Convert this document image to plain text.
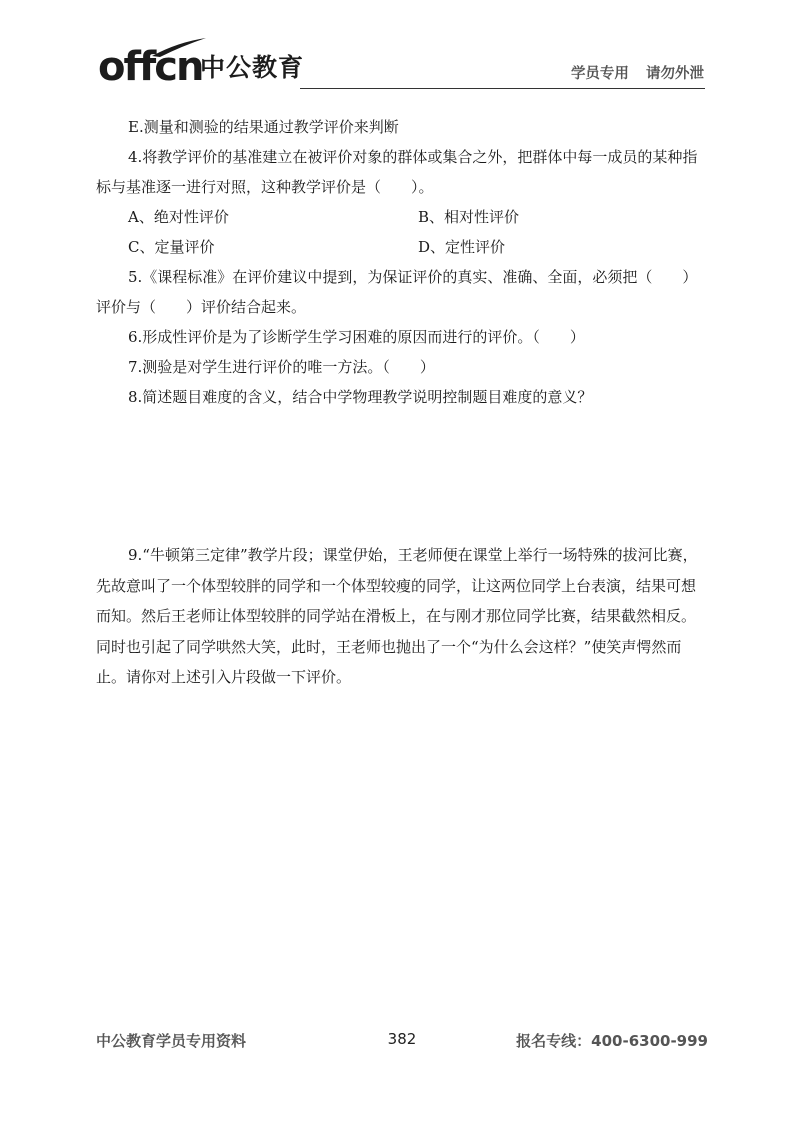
offcn
中公教育	学员专用 请勿外泄

E.测量和测验的结果通过教学评价来判断

4.将教学评价的基准建立在被评价对象的群体或集合之外，把群体中每一成员的某种指标与基准逐一进行对照，这种教学评价是（　　）。

A、绝对性评价	B、相对性评价
C、定量评价	D、定性评价

5.《课程标准》在评价建议中提到，为保证评价的真实、准确、全面，必须把（　　）评价与（　　）评价结合起来。

6.形成性评价是为了诊断学生学习困难的原因而进行的评价。（　　）

7.测验是对学生进行评价的唯一方法。（　　）

8.简述题目难度的含义，结合中学物理教学说明控制题目难度的意义？

9.“牛顿第三定律”教学片段；课堂伊始，王老师便在课堂上举行一场特殊的拔河比赛，先故意叫了一个体型较胖的同学和一个体型较瘦的同学，让这两位同学上台表演，结果可想而知。然后王老师让体型较胖的同学站在滑板上，在与刚才那位同学比赛，结果截然相反。同时也引起了同学哄然大笑，此时，王老师也抛出了一个“为什么会这样？”使笑声愕然而止。请你对上述引入片段做一下评价。

中公教育学员专用资料	382	报名专线：400-6300-999
